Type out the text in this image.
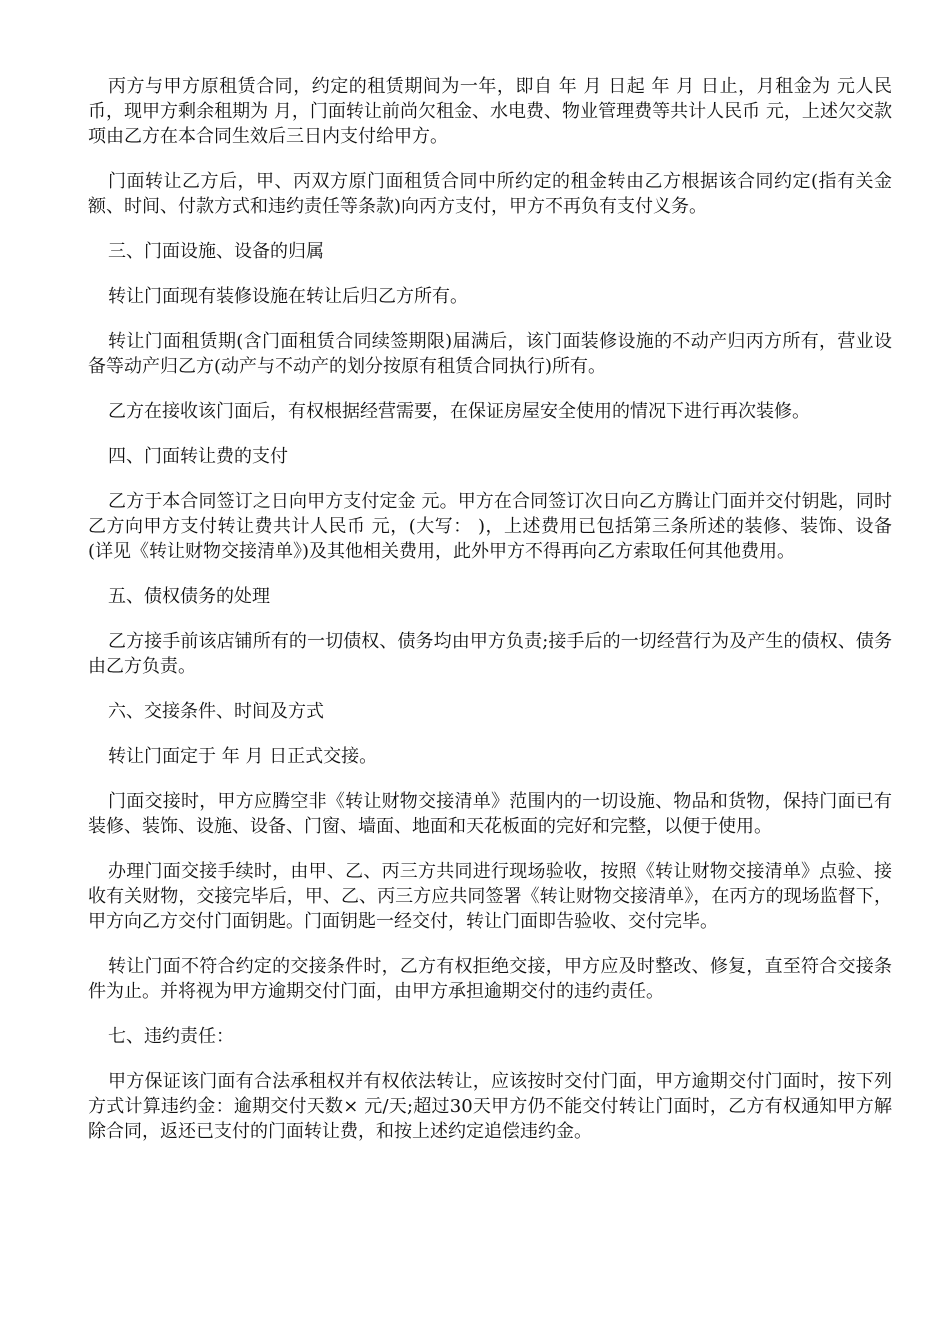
丙方与甲方原租赁合同，约定的租赁期间为一年，即自 年 月 日起 年 月 日止，月租金为 元人民币，现甲方剩余租期为 月，门面转让前尚欠租金、水电费、物业管理费等共计人民币 元，上述欠交款项由乙方在本合同生效后三日内支付给甲方。

门面转让乙方后，甲、丙双方原门面租赁合同中所约定的租金转由乙方根据该合同约定(指有关金额、时间、付款方式和违约责任等条款)向丙方支付，甲方不再负有支付义务。

三、门面设施、设备的归属

转让门面现有装修设施在转让后归乙方所有。

转让门面租赁期(含门面租赁合同续签期限)届满后，该门面装修设施的不动产归丙方所有，营业设备等动产归乙方(动产与不动产的划分按原有租赁合同执行)所有。

乙方在接收该门面后，有权根据经营需要，在保证房屋安全使用的情况下进行再次装修。

四、门面转让费的支付

乙方于本合同签订之日向甲方支付定金 元。甲方在合同签订次日向乙方腾让门面并交付钥匙，同时乙方向甲方支付转让费共计人民币 元，(大写： )，上述费用已包括第三条所述的装修、装饰、设备(详见《转让财物交接清单》)及其他相关费用，此外甲方不得再向乙方索取任何其他费用。

五、债权债务的处理

乙方接手前该店铺所有的一切债权、债务均由甲方负责;接手后的一切经营行为及产生的债权、债务由乙方负责。

六、交接条件、时间及方式

转让门面定于 年 月 日正式交接。

门面交接时，甲方应腾空非《转让财物交接清单》范围内的一切设施、物品和货物，保持门面已有装修、装饰、设施、设备、门窗、墙面、地面和天花板面的完好和完整，以便于使用。

办理门面交接手续时，由甲、乙、丙三方共同进行现场验收，按照《转让财物交接清单》点验、接收有关财物，交接完毕后，甲、乙、丙三方应共同签署《转让财物交接清单》，在丙方的现场监督下，甲方向乙方交付门面钥匙。门面钥匙一经交付，转让门面即告验收、交付完毕。

转让门面不符合约定的交接条件时，乙方有权拒绝交接，甲方应及时整改、修复，直至符合交接条件为止。并将视为甲方逾期交付门面，由甲方承担逾期交付的违约责任。

七、违约责任：

甲方保证该门面有合法承租权并有权依法转让，应该按时交付门面，甲方逾期交付门面时，按下列方式计算违约金：逾期交付天数× 元/天;超过30天甲方仍不能交付转让门面时，乙方有权通知甲方解除合同，返还已支付的门面转让费，和按上述约定追偿违约金。
